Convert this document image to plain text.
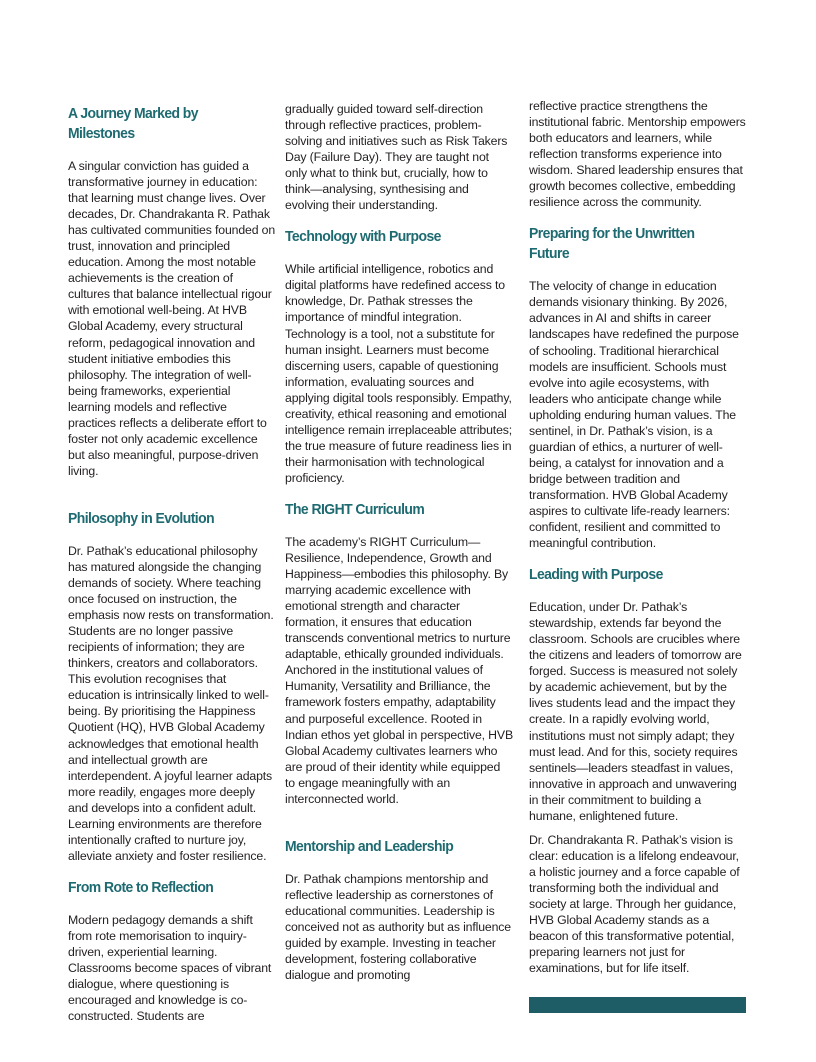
A Journey Marked by Milestones

A singular conviction has guided a transformative journey in education: that learning must change lives. Over decades, Dr. Chandrakanta R. Pathak has cultivated communities founded on trust, innovation and principled education. Among the most notable achievements is the creation of cultures that balance intellectual rigour with emotional well-being. At HVB Global Academy, every structural reform, pedagogical innovation and student initiative embodies this philosophy. The integration of well-being frameworks, experiential learning models and reflective practices reflects a deliberate effort to foster not only academic excellence but also meaningful, purpose-driven living.

Philosophy in Evolution

Dr. Pathak’s educational philosophy has matured alongside the changing demands of society. Where teaching once focused on instruction, the emphasis now rests on transformation. Students are no longer passive recipients of information; they are thinkers, creators and collaborators. This evolution recognises that education is intrinsically linked to well-being. By prioritising the Happiness Quotient (HQ), HVB Global Academy acknowledges that emotional health and intellectual growth are interdependent. A joyful learner adapts more readily, engages more deeply and develops into a confident adult. Learning environments are therefore intentionally crafted to nurture joy, alleviate anxiety and foster resilience.

From Rote to Reflection

Modern pedagogy demands a shift from rote memorisation to inquiry-driven, experiential learning. Classrooms become spaces of vibrant dialogue, where questioning is encouraged and knowledge is co-constructed. Students are

gradually guided toward self-direction through reflective practices, problem-solving and initiatives such as Risk Takers Day (Failure Day). They are taught not only what to think but, crucially, how to think—analysing, synthesising and evolving their understanding.

Technology with Purpose

While artificial intelligence, robotics and digital platforms have redefined access to knowledge, Dr. Pathak stresses the importance of mindful integration. Technology is a tool, not a substitute for human insight. Learners must become discerning users, capable of questioning information, evaluating sources and applying digital tools responsibly. Empathy, creativity, ethical reasoning and emotional intelligence remain irreplaceable attributes; the true measure of future readiness lies in their harmonisation with technological proficiency.

The RIGHT Curriculum

The academy’s RIGHT Curriculum—Resilience, Independence, Growth and Happiness—embodies this philosophy. By marrying academic excellence with emotional strength and character formation, it ensures that education transcends conventional metrics to nurture adaptable, ethically grounded individuals. Anchored in the institutional values of Humanity, Versatility and Brilliance, the framework fosters empathy, adaptability and purposeful excellence. Rooted in Indian ethos yet global in perspective, HVB Global Academy cultivates learners who are proud of their identity while equipped to engage meaningfully with an interconnected world.

Mentorship and Leadership

Dr. Pathak champions mentorship and reflective leadership as cornerstones of educational communities. Leadership is conceived not as authority but as influence guided by example. Investing in teacher development, fostering collaborative dialogue and promoting

reflective practice strengthens the institutional fabric. Mentorship empowers both educators and learners, while reflection transforms experience into wisdom. Shared leadership ensures that growth becomes collective, embedding resilience across the community.

Preparing for the Unwritten Future

The velocity of change in education demands visionary thinking. By 2026, advances in AI and shifts in career landscapes have redefined the purpose of schooling. Traditional hierarchical models are insufficient. Schools must evolve into agile ecosystems, with leaders who anticipate change while upholding enduring human values. The sentinel, in Dr. Pathak’s vision, is a guardian of ethics, a nurturer of well-being, a catalyst for innovation and a bridge between tradition and transformation. HVB Global Academy aspires to cultivate life-ready learners: confident, resilient and committed to meaningful contribution.

Leading with Purpose

Education, under Dr. Pathak’s stewardship, extends far beyond the classroom. Schools are crucibles where the citizens and leaders of tomorrow are forged. Success is measured not solely by academic achievement, but by the lives students lead and the impact they create. In a rapidly evolving world, institutions must not simply adapt; they must lead. And for this, society requires sentinels—leaders steadfast in values, innovative in approach and unwavering in their commitment to building a humane, enlightened future.

Dr. Chandrakanta R. Pathak’s vision is clear: education is a lifelong endeavour, a holistic journey and a force capable of transforming both the individual and society at large. Through her guidance, HVB Global Academy stands as a beacon of this transformative potential, preparing learners not just for examinations, but for life itself.
